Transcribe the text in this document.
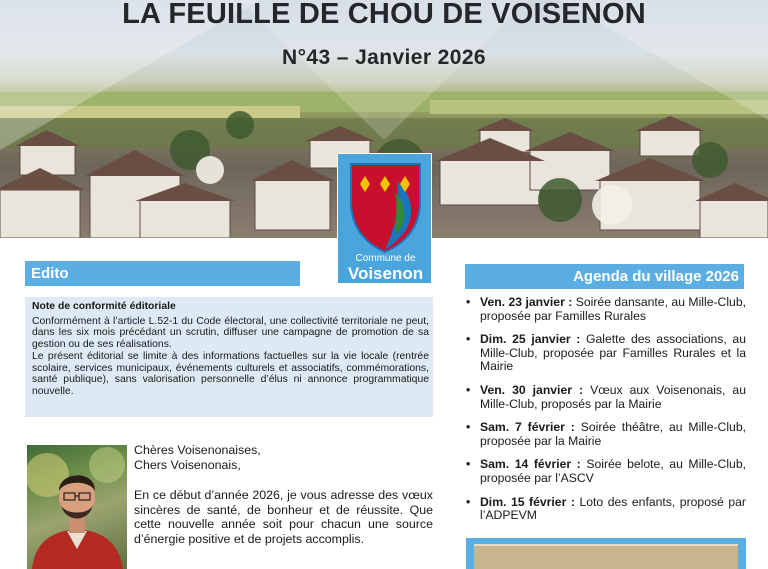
LA FEUILLE DE CHOU DE VOISENON
N°43 – Janvier 2026
Commune de
Voisenon
Edito
Note de conformité éditoriale

Conformément à l’article L.52-1 du Code électoral, une collectivité territoriale ne peut, dans les six mois précédant un scrutin, diffuser une campagne de promotion de sa gestion ou de ses réalisations.

Le présent éditorial se limite à des informations factuelles sur la vie locale (rentrée scolaire, services municipaux, événements culturels et associatifs, commémorations, santé publique), sans valorisation personnelle d’élus ni annonce programmatique nouvelle.

Chères Voisenonaises,
Chers Voisenonais,
En ce début d’année 2026, je vous adresse des vœux sincères de santé, de bonheur et de réussite. Que cette nouvelle année soit pour chacun une source d’énergie positive et de projets accomplis.
Agenda du village 2026
• Ven. 23 janvier : Soirée dansante, au Mille-Club, proposée par Familles Rurales
• Dim. 25 janvier : Galette des associations, au Mille-Club, proposée par Familles Rurales et la Mairie
• Ven. 30 janvier : Vœux aux Voisenonais, au Mille-Club, proposés par la Mairie
• Sam. 7 février : Soirée théâtre, au Mille-Club, proposée par la Mairie
• Sam. 14 février : Soirée belote, au Mille-Club, proposée par l’ASCV
• Dim. 15 février : Loto des enfants, proposé par l’ADPEVM
